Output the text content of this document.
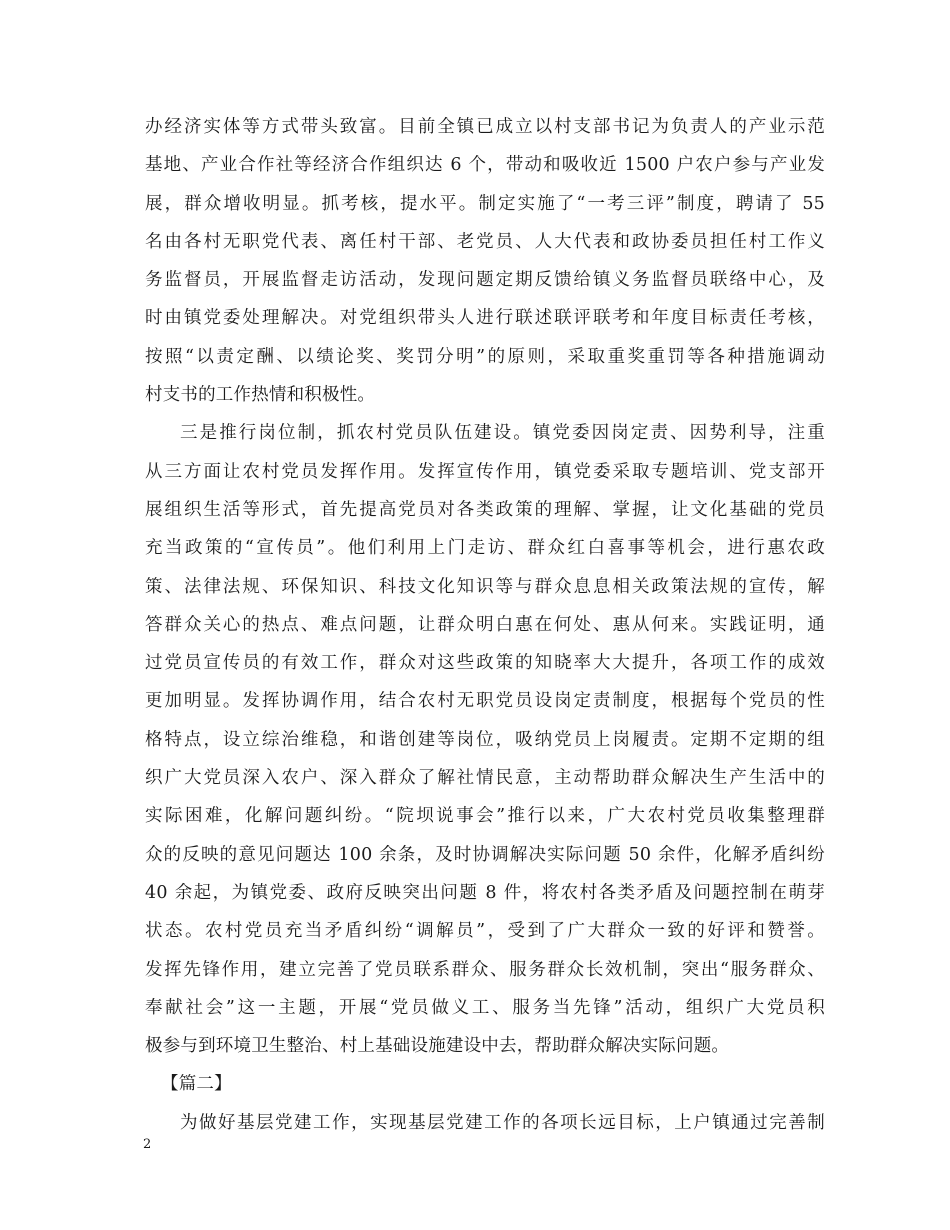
办经济实体等方式带头致富。目前全镇已成立以村支部书记为负责人的产业示范
基地、产业合作社等经济合作组织达 6 个，带动和吸收近 1500 户农户参与产业发
展，群众增收明显。抓考核，提水平。制定实施了“一考三评”制度，聘请了 55
名由各村无职党代表、离任村干部、老党员、人大代表和政协委员担任村工作义
务监督员，开展监督走访活动，发现问题定期反馈给镇义务监督员联络中心，及
时由镇党委处理解决。对党组织带头人进行联述联评联考和年度目标责任考核，
按照“以责定酬、以绩论奖、奖罚分明”的原则，采取重奖重罚等各种措施调动
村支书的工作热情和积极性。
三是推行岗位制，抓农村党员队伍建设。镇党委因岗定责、因势利导，注重
从三方面让农村党员发挥作用。发挥宣传作用，镇党委采取专题培训、党支部开
展组织生活等形式，首先提高党员对各类政策的理解、掌握，让文化基础的党员
充当政策的“宣传员”。他们利用上门走访、群众红白喜事等机会，进行惠农政
策、法律法规、环保知识、科技文化知识等与群众息息相关政策法规的宣传，解
答群众关心的热点、难点问题，让群众明白惠在何处、惠从何来。实践证明，通
过党员宣传员的有效工作，群众对这些政策的知晓率大大提升，各项工作的成效
更加明显。发挥协调作用，结合农村无职党员设岗定责制度，根据每个党员的性
格特点，设立综治维稳，和谐创建等岗位，吸纳党员上岗履责。定期不定期的组
织广大党员深入农户、深入群众了解社情民意，主动帮助群众解决生产生活中的
实际困难，化解问题纠纷。“院坝说事会”推行以来，广大农村党员收集整理群
众的反映的意见问题达 100 余条，及时协调解决实际问题 50 余件，化解矛盾纠纷
40 余起，为镇党委、政府反映突出问题 8 件，将农村各类矛盾及问题控制在萌芽
状态。农村党员充当矛盾纠纷“调解员”，受到了广大群众一致的好评和赞誉。
发挥先锋作用，建立完善了党员联系群众、服务群众长效机制，突出“服务群众、
奉献社会”这一主题，开展“党员做义工、服务当先锋”活动，组织广大党员积
极参与到环境卫生整治、村上基础设施建设中去，帮助群众解决实际问题。
【篇二】
为做好基层党建工作，实现基层党建工作的各项长远目标，上户镇通过完善制
2
